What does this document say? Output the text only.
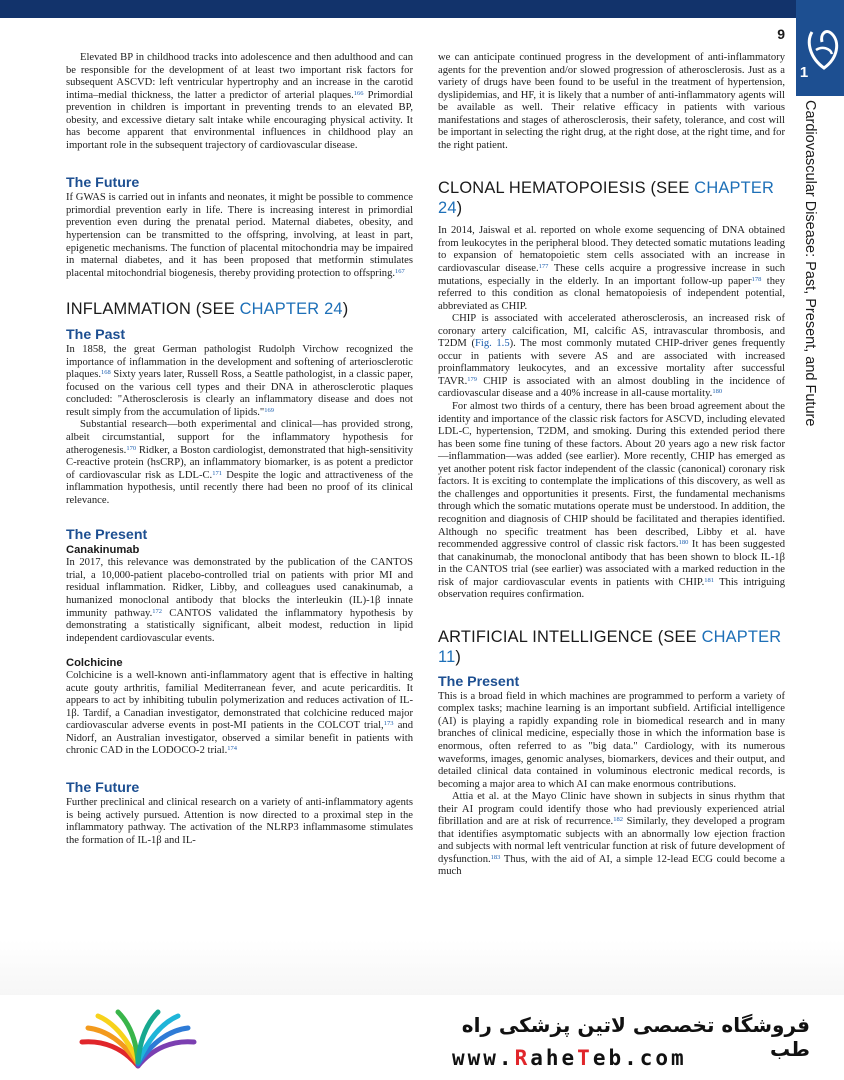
9
1
Cardiovascular Disease: Past, Present, and Future

Elevated BP in childhood tracks into adolescence and then adulthood and can be responsible for the development of at least two important risk factors for subsequent ASCVD: left ventricular hypertrophy and an increase in the carotid intima–medial thickness, the latter a predictor of arterial plaques.$^{166}$ Primordial prevention in children is important in preventing trends to an elevated BP, obesity, and excessive dietary salt intake while encouraging physical activity. It has become apparent that environmental influences in childhood play an important role in the subsequent trajectory of cardiovascular disease.

The Future

If GWAS is carried out in infants and neonates, it might be possible to commence primordial prevention early in life. There is increasing interest in primordial prevention even during the prenatal period. Maternal diabetes, obesity, and hypertension can be transmitted to the offspring, involving, at least in part, epigenetic mechanisms. The function of placental mitochondria may be impaired in maternal diabetes, and it has been proposed that metformin stimulates placental mitochondrial biogenesis, thereby providing protection to offspring.$^{167}$

INFLAMMATION (SEE CHAPTER 24)
The Past

In 1858, the great German pathologist Rudolph Virchow recognized the importance of inflammation in the development and softening of arteriosclerotic plaques.$^{168}$ Sixty years later, Russell Ross, a Seattle pathologist, in a classic paper, focused on the various cell types and their DNA in atherosclerotic plaques concluded: "Atherosclerosis is clearly an inflammatory disease and does not result simply from the accumulation of lipids."$^{169}$

Substantial research—both experimental and clinical—has provided strong, albeit circumstantial, support for the inflammatory hypothesis for atherogenesis.$^{170}$ Ridker, a Boston cardiologist, demonstrated that high-sensitivity C-reactive protein (hsCRP), an inflammatory biomarker, is as potent a predictor of cardiovascular risk as LDL-C.$^{171}$ Despite the logic and attractiveness of the inflammation hypothesis, until recently there had been no proof of its clinical relevance.

The Present
Canakinumab

In 2017, this relevance was demonstrated by the publication of the CANTOS trial, a 10,000-patient placebo-controlled trial on patients with prior MI and residual inflammation. Ridker, Libby, and colleagues used canakinumab, a humanized monoclonal antibody that blocks the interleukin (IL)-1β innate immunity pathway.$^{172}$ CANTOS validated the inflammatory hypothesis by demonstrating a statistically significant, albeit modest, reduction in lipid independent cardiovascular events.

Colchicine

Colchicine is a well-known anti-inflammatory agent that is effective in halting acute gouty arthritis, familial Mediterranean fever, and acute pericarditis. It appears to act by inhibiting tubulin polymerization and reduces activation of IL-1β. Tardif, a Canadian investigator, demonstrated that colchicine reduced major cardiovascular adverse events in post-MI patients in the COLCOT trial,$^{173}$ and Nidorf, an Australian investigator, observed a similar benefit in patients with chronic CAD in the LODOCO-2 trial.$^{174}$

The Future

Further preclinical and clinical research on a variety of anti-inflammatory agents is being actively pursued. Attention is now directed to a proximal step in the inflammatory pathway. The activation of the NLRP3 inflammasome stimulates the formation of IL-1β and IL-

we can anticipate continued progress in the development of anti-inflammatory agents for the prevention and/or slowed progression of atherosclerosis. Just as a variety of drugs have been found to be useful in the treatment of hypertension, dyslipidemias, and HF, it is likely that a number of anti-inflammatory agents will be available as well. Their relative efficacy in patients with various manifestations and stages of atherosclerosis, their safety, tolerance, and cost will be important in selecting the right drug, at the right dose, at the right time, and for the right patient.

CLONAL HEMATOPOIESIS (SEE CHAPTER 24)

In 2014, Jaiswal et al. reported on whole exome sequencing of DNA obtained from leukocytes in the peripheral blood. They detected somatic mutations leading to expansion of hematopoietic stem cells associated with an increase in cardiovascular disease.$^{177}$ These cells acquire a progressive increase in such mutations, especially in the elderly. In an important follow-up paper$^{178}$ they referred to this condition as clonal hematopoiesis of independent potential, abbreviated as CHIP.

CHIP is associated with accelerated atherosclerosis, an increased risk of coronary artery calcification, MI, calcific AS, intravascular thrombosis, and T2DM (Fig. 1.5). The most commonly mutated CHIP-driver genes frequently occur in patients with severe AS and are associated with increased proinflammatory leukocytes, and an excessive mortality after successful TAVR.$^{179}$ CHIP is associated with an almost doubling in the incidence of cardiovascular disease and a 40% increase in all-cause mortality.$^{180}$

For almost two thirds of a century, there has been broad agreement about the identity and importance of the classic risk factors for ASCVD, including elevated LDL-C, hypertension, T2DM, and smoking. During this extended period there has been some fine tuning of these factors. About 20 years ago a new risk factor—inflammation—was added (see earlier). More recently, CHIP has emerged as yet another potent risk factor independent of the classic (canonical) coronary risk factors. It is exciting to contemplate the implications of this discovery, as well as the challenges and opportunities it presents. First, the fundamental mechanisms through which the somatic mutations operate must be understood. In addition, the recognition and diagnosis of CHIP should be facilitated and therapies identified. Although no specific treatment has been described, Libby et al. have recommended aggressive control of classic risk factors.$^{180}$ It has been suggested that canakinumab, the monoclonal antibody that has been shown to block IL-1β in the CANTOS trial (see earlier) was associated with a marked reduction in the risk of major cardiovascular events in patients with CHIP.$^{181}$ This intriguing observation requires confirmation.

ARTIFICIAL INTELLIGENCE (SEE CHAPTER 11)
The Present

This is a broad field in which machines are programmed to perform a variety of complex tasks; machine learning is an important subfield. Artificial intelligence (AI) is playing a rapidly expanding role in biomedical research and in many branches of clinical medicine, especially those in which the information base is enormous, often referred to as "big data." Cardiology, with its numerous waveforms, images, genomic analyses, biomarkers, devices and their output, and detailed clinical data contained in voluminous electronic medical records, is becoming a major area to which AI can make enormous contributions.

Attia et al. at the Mayo Clinic have shown in subjects in sinus rhythm that their AI program could identify those who had previously experienced atrial fibrillation and are at risk of recurrence.$^{182}$ Similarly, they developed a program that identifies asymptomatic subjects with an abnormally low ejection fraction and subjects with normal left ventricular function at risk of future development of dysfunction.$^{183}$ Thus, with the aid of AI, a simple 12-lead ECG could become a much

فروشگاه تخصصی لاتین پزشکی راه طب
www.RaheTeb.com
